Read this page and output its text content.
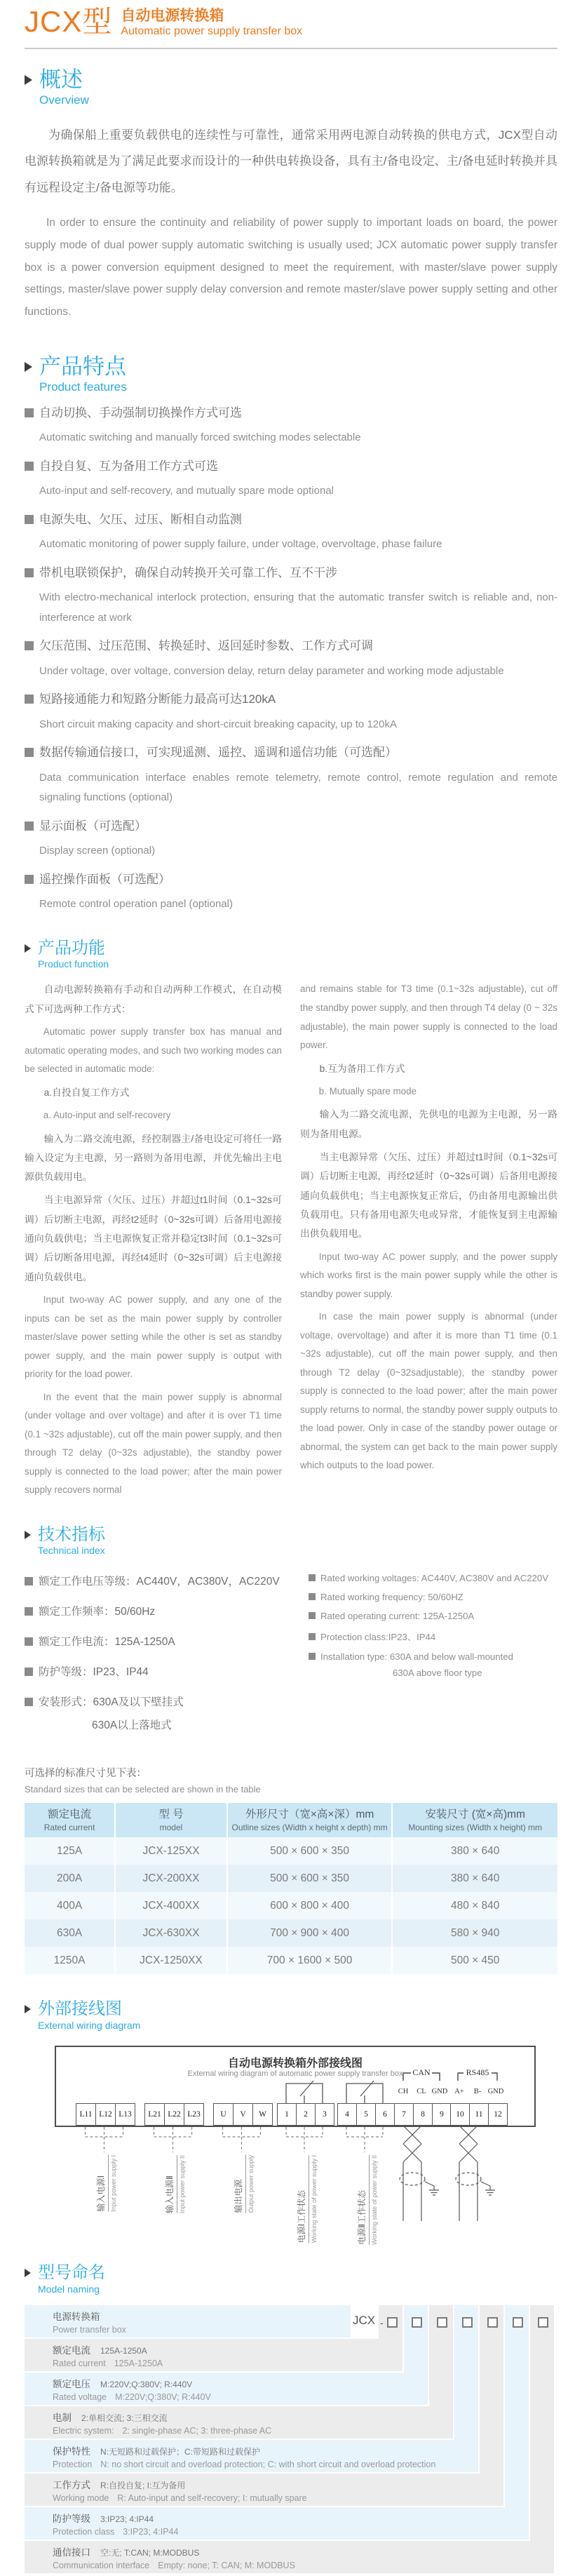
JCX型 自动电源转换箱
Automatic power supply transfer box
概述
Overview

为确保船上重要负载供电的连续性与可靠性，通常采用两电源自动转换的供电方式，JCX型自动电源转换箱就是为了满足此要求而设计的一种供电转换设备，具有主/备电设定、主/备电延时转换并具有远程设定主/备电源等功能。

In order to ensure the continuity and reliability of power supply to important loads on board, the power supply mode of dual power supply automatic switching is usually used; JCX automatic power supply transfer box is a power conversion equipment designed to meet the requirement, with master/slave power supply settings, master/slave power supply delay conversion and remote master/slave power supply setting and other functions.

产品特点
Product features
自动切换、手动强制切换操作方式可选
Automatic switching and manually forced switching modes selectable
自投自复、互为备用工作方式可选
Auto-input and self-recovery, and mutually spare mode optional
电源失电、欠压、过压、断相自动监测
Automatic monitoring of power supply failure, under voltage, overvoltage, phase failure
带机电联锁保护，确保自动转换开关可靠工作、互不干涉
With electro-mechanical interlock protection, ensuring that the automatic transfer switch is reliable and, non-interference at work
欠压范围、过压范围、转换延时、返回延时参数、工作方式可调
Under voltage, over voltage, conversion delay, return delay parameter and working mode adjustable
短路接通能力和短路分断能力最高可达120kA
Short circuit making capacity and short-circuit breaking capacity, up to 120kA
数据传输通信接口，可实现遥测、遥控、遥调和遥信功能（可选配）
Data communication interface enables remote telemetry, remote control, remote regulation and remote signaling functions (optional)
显示面板（可选配）
Display screen (optional)
遥控操作面板（可选配）
Remote control operation panel (optional)
产品功能
Product function

自动电源转换箱有手动和自动两种工作模式，在自动模式下可选两种工作方式：

Automatic power supply transfer box has manual and automatic operating modes, and such two working modes can be selected in automatic mode:

a.自投自复工作方式

a. Auto-input and self-recovery

输入为二路交流电源，经控制器主/备电设定可将任一路输入设定为主电源，另一路则为备用电源，并优先输出主电源供负载用电。

当主电源异常（欠压、过压）并超过t1时间（0.1~32s可调）后切断主电源，再经t2延时（0~32s可调）后备用电源接通向负载供电；当主电源恢复正常并稳定t3时间（0.1~32s可调）后切断备用电源，再经t4延时（0~32s可调）后主电源接通向负载供电。

Input two-way AC power supply, and any one of the inputs can be set as the main power supply by controller master/slave power setting while the other is set as standby power supply, and the main power supply is output with priority for the load power.

In the event that the main power supply is abnormal (under voltage and over voltage) and after it is over T1 time (0.1 ~32s adjustable), cut off the main power supply, and then through T2 delay (0~32s adjustable), the standby power supply is connected to the load power; after the main power supply recovers normal

and remains stable for T3 time (0.1~32s adjustable), cut off the standby power supply, and then through T4 delay (0 ~ 32s adjustable), the main power supply is connected to the load power.

b.互为备用工作方式

b. Mutually spare mode

输入为二路交流电源，先供电的电源为主电源，另一路则为备用电源。

当主电源异常（欠压、过压）并超过t1时间（0.1~32s可调）后切断主电源，再经t2延时（0~32s可调）后备用电源接通向负载供电；当主电源恢复正常后，仍由备用电源输出供负载用电。只有备用电源失电或异常，才能恢复到主电源输出供负载用电。

Input two-way AC power supply, and the power supply which works first is the main power supply while the other is standby power supply.

In case the main power supply is abnormal (under voltage, overvoltage) and after it is more than T1 time (0.1 ~32s adjustable), cut off the main power supply, and then through T2 delay (0~32sadjustable), the standby power supply is connected to the load power; after the main power supply returns to normal, the standby power supply outputs to the load power. Only in case of the standby power outage or abnormal, the system can get back to the main power supply which outputs to the load power.

技术指标
Technical index
额定工作电压等级：AC440V，AC380V，AC220V
额定工作频率：50/60Hz
额定工作电流：125A-1250A
防护等级：IP23、IP44
安装形式：630A及以下壁挂式
630A以上落地式
Rated working voltages: AC440V, AC380V and AC220V
Rated working frequency: 50/60HZ
Rated operating current: 125A-1250A
Protection class:IP23、IP44
Installation type: 630A and below wall-mounted
630A above floor type
可选择的标准尺寸见下表：
Standard sizes that can be selected are shown in the table
额定电流
Rated current	型 号
model	外形尺寸（宽×高×深）mm
Outline sizes (Width x height x depth) mm	安装尺寸 (宽×高)mm
Mounting sizes (Width x height) mm

125A	JCX-125XX	500 × 600 × 350	380 × 640
200A	JCX-200XX	500 × 600 × 350	380 × 640
400A	JCX-400XX	600 × 800 × 400	480 × 840
630A	JCX-630XX	700 × 900 × 400	580 × 940
1250A	JCX-1250XX	700 × 1600 × 500	500 × 450
外部接线图
External wiring diagram
自动电源转换箱外部接线图
External wiring diagram of automatic power supply transfer box	CAN	RS485
CH	CL GND A+	B- GND
L11 L12 L13	L21 L22 L23	U	V	W	1	2	3	4	5	6	7	8	9	10	11	12
输入电源Ⅰ Input power supply I	输入电源Ⅱ Input power supply II	输出电源 Output power supply
电源Ⅰ工作状态 Working state of power supply I	电源Ⅱ工作状态 Working state of power supply II
型号命名
Model naming
电源转换箱
Power transfer box
额定电流 125A-1250A
Rated current 125A-1250A
额定电压 M:220V;Q:380V; R:440V
Rated voltage M:220V;Q:380V; R:440V
电制 2:单相交流; 3:三相交流
Electric system: 2: single-phase AC; 3: three-phase AC
保护特性 N:无短路和过载保护；C:带短路和过载保护
Protection N: no short circuit and overload protection; C: with short circuit and overload protection
工作方式 R:自投自复; I:互为备用
Working mode R: Auto-input and self-recovery; I: mutually spare
防护等级 3:IP23; 4:IP44
Protection class 3:IP23; 4:IP44
通信接口 空:无; T:CAN; M:MODBUS
Communication interface Empty: none; T: CAN; M: MODBUS
JCX -
